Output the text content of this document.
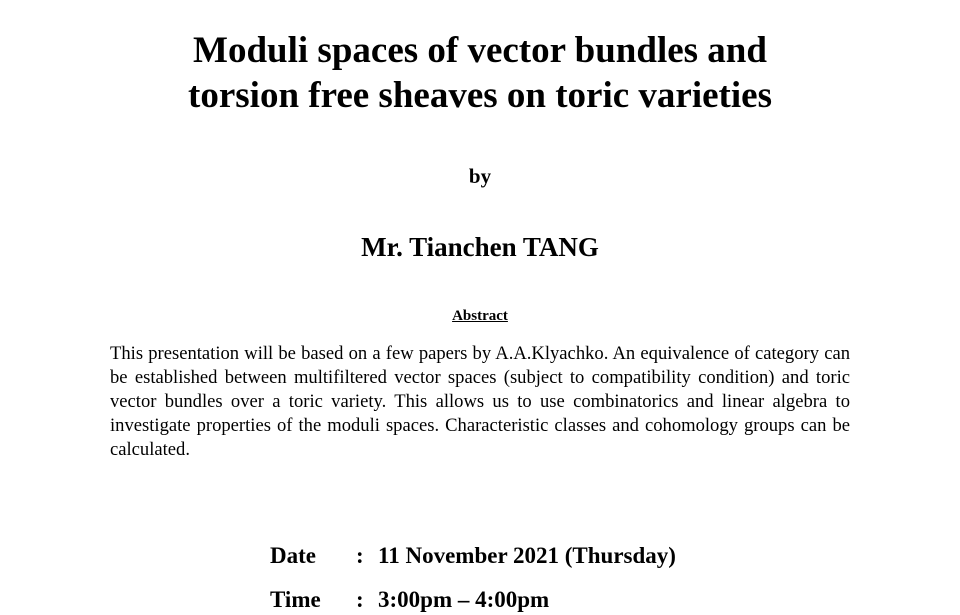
Moduli spaces of vector bundles and
torsion free sheaves on toric varieties
by
Mr. Tianchen TANG
Abstract

This presentation will be based on a few papers by A.A.Klyachko. An equivalence of category can be established between multifiltered vector spaces (subject to compatibility condition) and toric vector bundles over a toric variety. This allows us to use combinatorics and linear algebra to investigate properties of the moduli spaces. Characteristic classes and cohomology groups can be calculated.

Date : 11 November 2021 (Thursday)
Time : 3:00pm – 4:00pm
